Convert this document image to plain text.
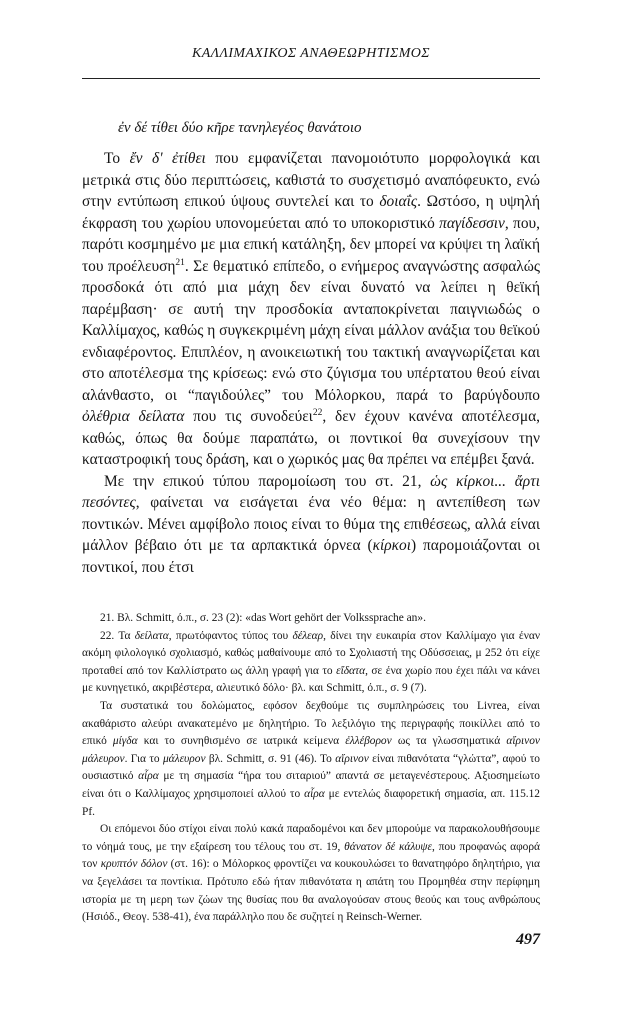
ΚΑΛΛΙΜΑΧΙΚΟΣ ΑΝΑΘΕΩΡΗΤΙΣΜΟΣ
ἐν δέ τίθει δύο κῆρε τανηλεγέος θανάτοιο

Το ἔν δ' ἐτίθει που εμφανίζεται πανομοιότυπο μορφολογικά και μετρικά στις δύο περιπτώσεις, καθιστά το συσχετισμό αναπόφευκτο, ενώ στην εντύπωση επικού ύψους συντελεί και το δοιαΐς. Ωστόσο, η υψηλή έκφραση του χωρίου υπονομεύεται από το υποκοριστικό παγίδεσσιν, που, παρότι κοσμημένο με μια επική κατάληξη, δεν μπορεί να κρύψει τη λαϊκή του προέλευση$^{21}$. Σε θεματικό επίπεδο, ο ενήμερος αναγνώστης ασφαλώς προσδοκά ότι από μια μάχη δεν είναι δυνατό να λείπει η θεϊκή παρέμβαση· σε αυτή την προσδοκία ανταποκρίνεται παιγνιωδώς ο Καλλίμαχος, καθώς η συγκεκριμένη μάχη είναι μάλλον ανάξια του θεϊκού ενδιαφέροντος. Επιπλέον, η ανοικειωτική του τακτική αναγνωρίζεται και στο αποτέλεσμα της κρίσεως: ενώ στο ζύγισμα του υπέρτατου θεού είναι αλάνθαστο, οι “παγιδούλες” του Μόλορκου, παρά το βαρύγδουπο ὀλέθρια δείλατα που τις συνοδεύει$^{22}$, δεν έχουν κανένα αποτέλεσμα, καθώς, όπως θα δούμε παραπάτω, οι ποντικοί θα συνεχίσουν την καταστροφική τους δράση, και ο χωρικός μας θα πρέπει να επέμβει ξανά.

Με την επικού τύπου παρομοίωση του στ. 21, ὡς κίρκοι... ἄρτι πεσόντες, φαίνεται να εισάγεται ένα νέο θέμα: η αντεπίθεση των ποντικών. Μένει αμφίβολο ποιος είναι το θύμα της επιθέσεως, αλλά είναι μάλλον βέβαιο ότι με τα αρπακτικά όρνεα (κίρκοι) παρομοιάζονται οι ποντικοί, που έτσι

21. Βλ. Schmitt, ό.π., σ. 23 (2): «das Wort gehört der Volkssprache an».

22. Τα δείλατα, πρωτόφαντος τύπος του δέλεαρ, δίνει την ευκαιρία στον Καλλίμαχο για έναν ακόμη φιλολογικό σχολιασμό, καθώς μαθαίνουμε από το Σχολιαστή της Οδύσσειας, μ 252 ότι είχε προταθεί από τον Καλλίστρατο ως άλλη γραφή για το εἴδατα, σε ένα χωρίο που έχει πάλι να κάνει με κυνηγετικό, ακριβέστερα, αλιευτικό δόλο· βλ. και Schmitt, ό.π., σ. 9 (7).

Τα συστατικά του δολώματος, εφόσον δεχθούμε τις συμπληρώσεις του Livrea, είναι ακαθάριστο αλεύρι ανακατεμένο με δηλητήριο. Το λεξιλόγιο της περιγραφής ποικίλλει από το επικό μίγδα και το συνηθισμένο σε ιατρικά κείμενα ἐλλέβορον ως τα γλωσσηματικά αἴρινον μάλευρον. Για το μάλευρον βλ. Schmitt, σ. 91 (46). Το αἴρινον είναι πιθανότατα “γλώττα”, αφού το ουσιαστικό αἶρα με τη σημασία “ήρα του σιταριού” απαντά σε μεταγενέστερους. Αξιοσημείωτο είναι ότι ο Καλλίμαχος χρησιμοποιεί αλλού το αἶρα με εντελώς διαφορετική σημασία, απ. 115.12 Pf.

Οι επόμενοι δύο στίχοι είναι πολύ κακά παραδομένοι και δεν μπορούμε να παρακολουθήσουμε το νόημά τους, με την εξαίρεση του τέλους του στ. 19, θάνατον δέ κάλυψε, που προφανώς αφορά τον κρυπτόν δόλον (στ. 16): ο Μόλορκος φροντίζει να κουκουλώσει το θανατηφόρο δηλητήριο, για να ξεγελάσει τα ποντίκια. Πρότυπο εδώ ήταν πιθανότατα η απάτη του Προμηθέα στην περίφημη ιστορία με τη μερη των ζώων της θυσίας που θα αναλογούσαν στους θεούς και τους ανθρώπους (Ησιόδ., Θεογ. 538-41), ένα παράλληλο που δε συζητεί η Reinsch-Werner.

497
